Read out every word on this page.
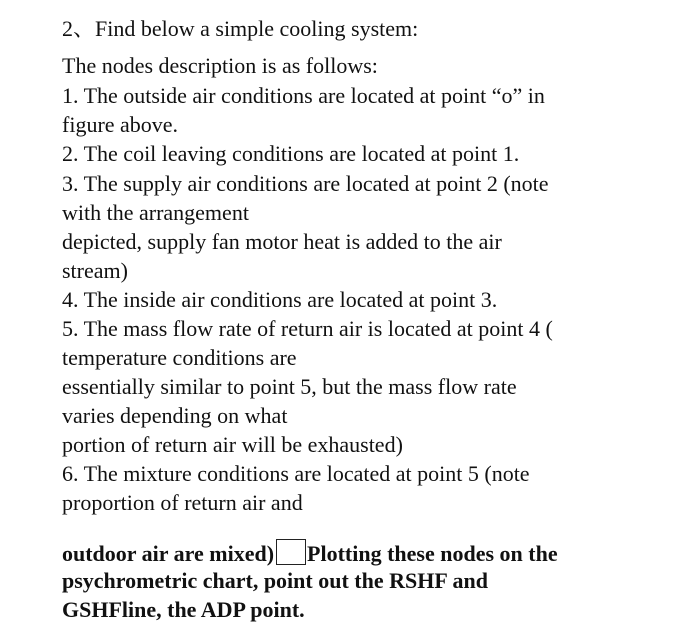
2、Find below a simple cooling system:
The nodes description is as follows:
1. The outside air conditions are located at point “o” in
figure above.
2. The coil leaving conditions are located at point 1.
3. The supply air conditions are located at point 2 (note
with the arrangement
depicted, supply fan motor heat is added to the air
stream)
4. The inside air conditions are located at point 3.
5. The mass flow rate of return air is located at point 4 (
temperature conditions are
essentially similar to point 5, but the mass flow rate
varies depending on what
portion of return air will be exhausted)
6. The mixture conditions are located at point 5 (note
proportion of return air and
outdoor air are mixed) Plotting these nodes on the
psychrometric chart, point out the RSHF and
GSHFline, the ADP point.
